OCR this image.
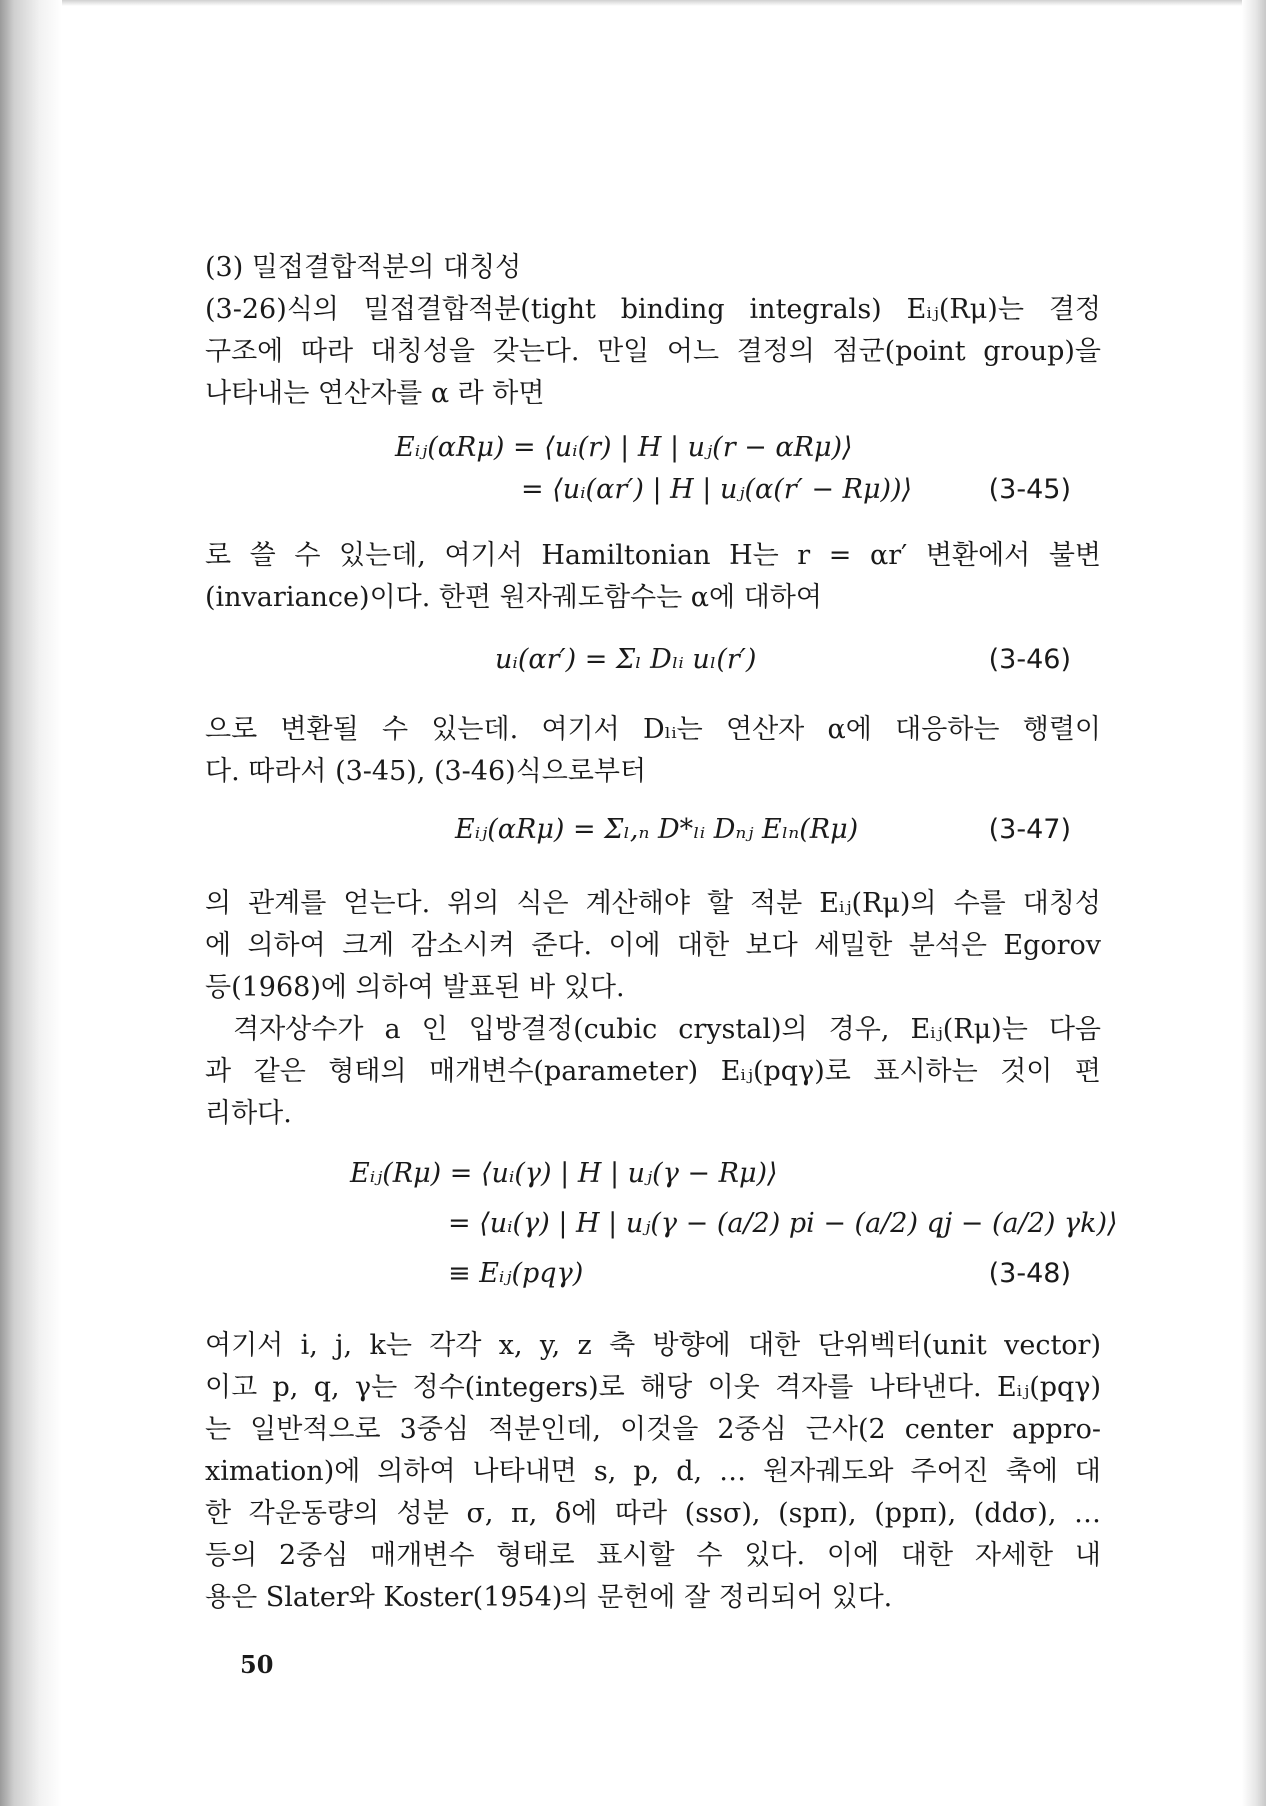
(3) 밀접결합적분의 대칭성
(3-26)식의 밀접결합적분(tight binding integrals) Eᵢⱼ(Rμ)는 결정
구조에 따라 대칭성을 갖는다. 만일 어느 결정의 점군(point group)을
나타내는 연산자를 α 라 하면
Eᵢⱼ(αRμ) = ⟨uᵢ(r) | H | uⱼ(r − αRμ)⟩
= ⟨uᵢ(αr′) | H | uⱼ(α(r′ − Rμ))⟩	(3-45)
로 쓸 수 있는데, 여기서 Hamiltonian H는 r = αr′ 변환에서 불변
(invariance)이다. 한편 원자궤도함수는 α에 대하여
uᵢ(αr′) = Σₗ Dₗᵢ uₗ(r′)	(3-46)
으로 변환될 수 있는데. 여기서 Dₗᵢ는 연산자 α에 대응하는 행렬이
다. 따라서 (3-45), (3-46)식으로부터
Eᵢⱼ(αRμ) = Σₗ,ₙ D*ₗᵢ Dₙⱼ Eₗₙ(Rμ)	(3-47)
의 관계를 얻는다. 위의 식은 계산해야 할 적분 Eᵢⱼ(Rμ)의 수를 대칭성
에 의하여 크게 감소시켜 준다. 이에 대한 보다 세밀한 분석은 Egorov
등(1968)에 의하여 발표된 바 있다.
격자상수가 a 인 입방결정(cubic crystal)의 경우, Eᵢⱼ(Rμ)는 다음
과 같은 형태의 매개변수(parameter) Eᵢⱼ(pqγ)로 표시하는 것이 편
리하다.
Eᵢⱼ(Rμ) = ⟨uᵢ(γ) | H | uⱼ(γ − Rμ)⟩
= ⟨uᵢ(γ) | H | uⱼ(γ − (a/2) pi − (a/2) qj − (a/2) γk)⟩
≡ Eᵢⱼ(pqγ)	(3-48)
여기서 i, j, k는 각각 x, y, z 축 방향에 대한 단위벡터(unit vector)
이고 p, q, γ는 정수(integers)로 해당 이웃 격자를 나타낸다. Eᵢⱼ(pqγ)
는 일반적으로 3중심 적분인데, 이것을 2중심 근사(2 center appro-
ximation)에 의하여 나타내면 s, p, d, … 원자궤도와 주어진 축에 대
한 각운동량의 성분 σ, π, δ에 따라 (ssσ), (spπ), (ppπ), (ddσ), …
등의 2중심 매개변수 형태로 표시할 수 있다. 이에 대한 자세한 내
용은 Slater와 Koster(1954)의 문헌에 잘 정리되어 있다.
50
